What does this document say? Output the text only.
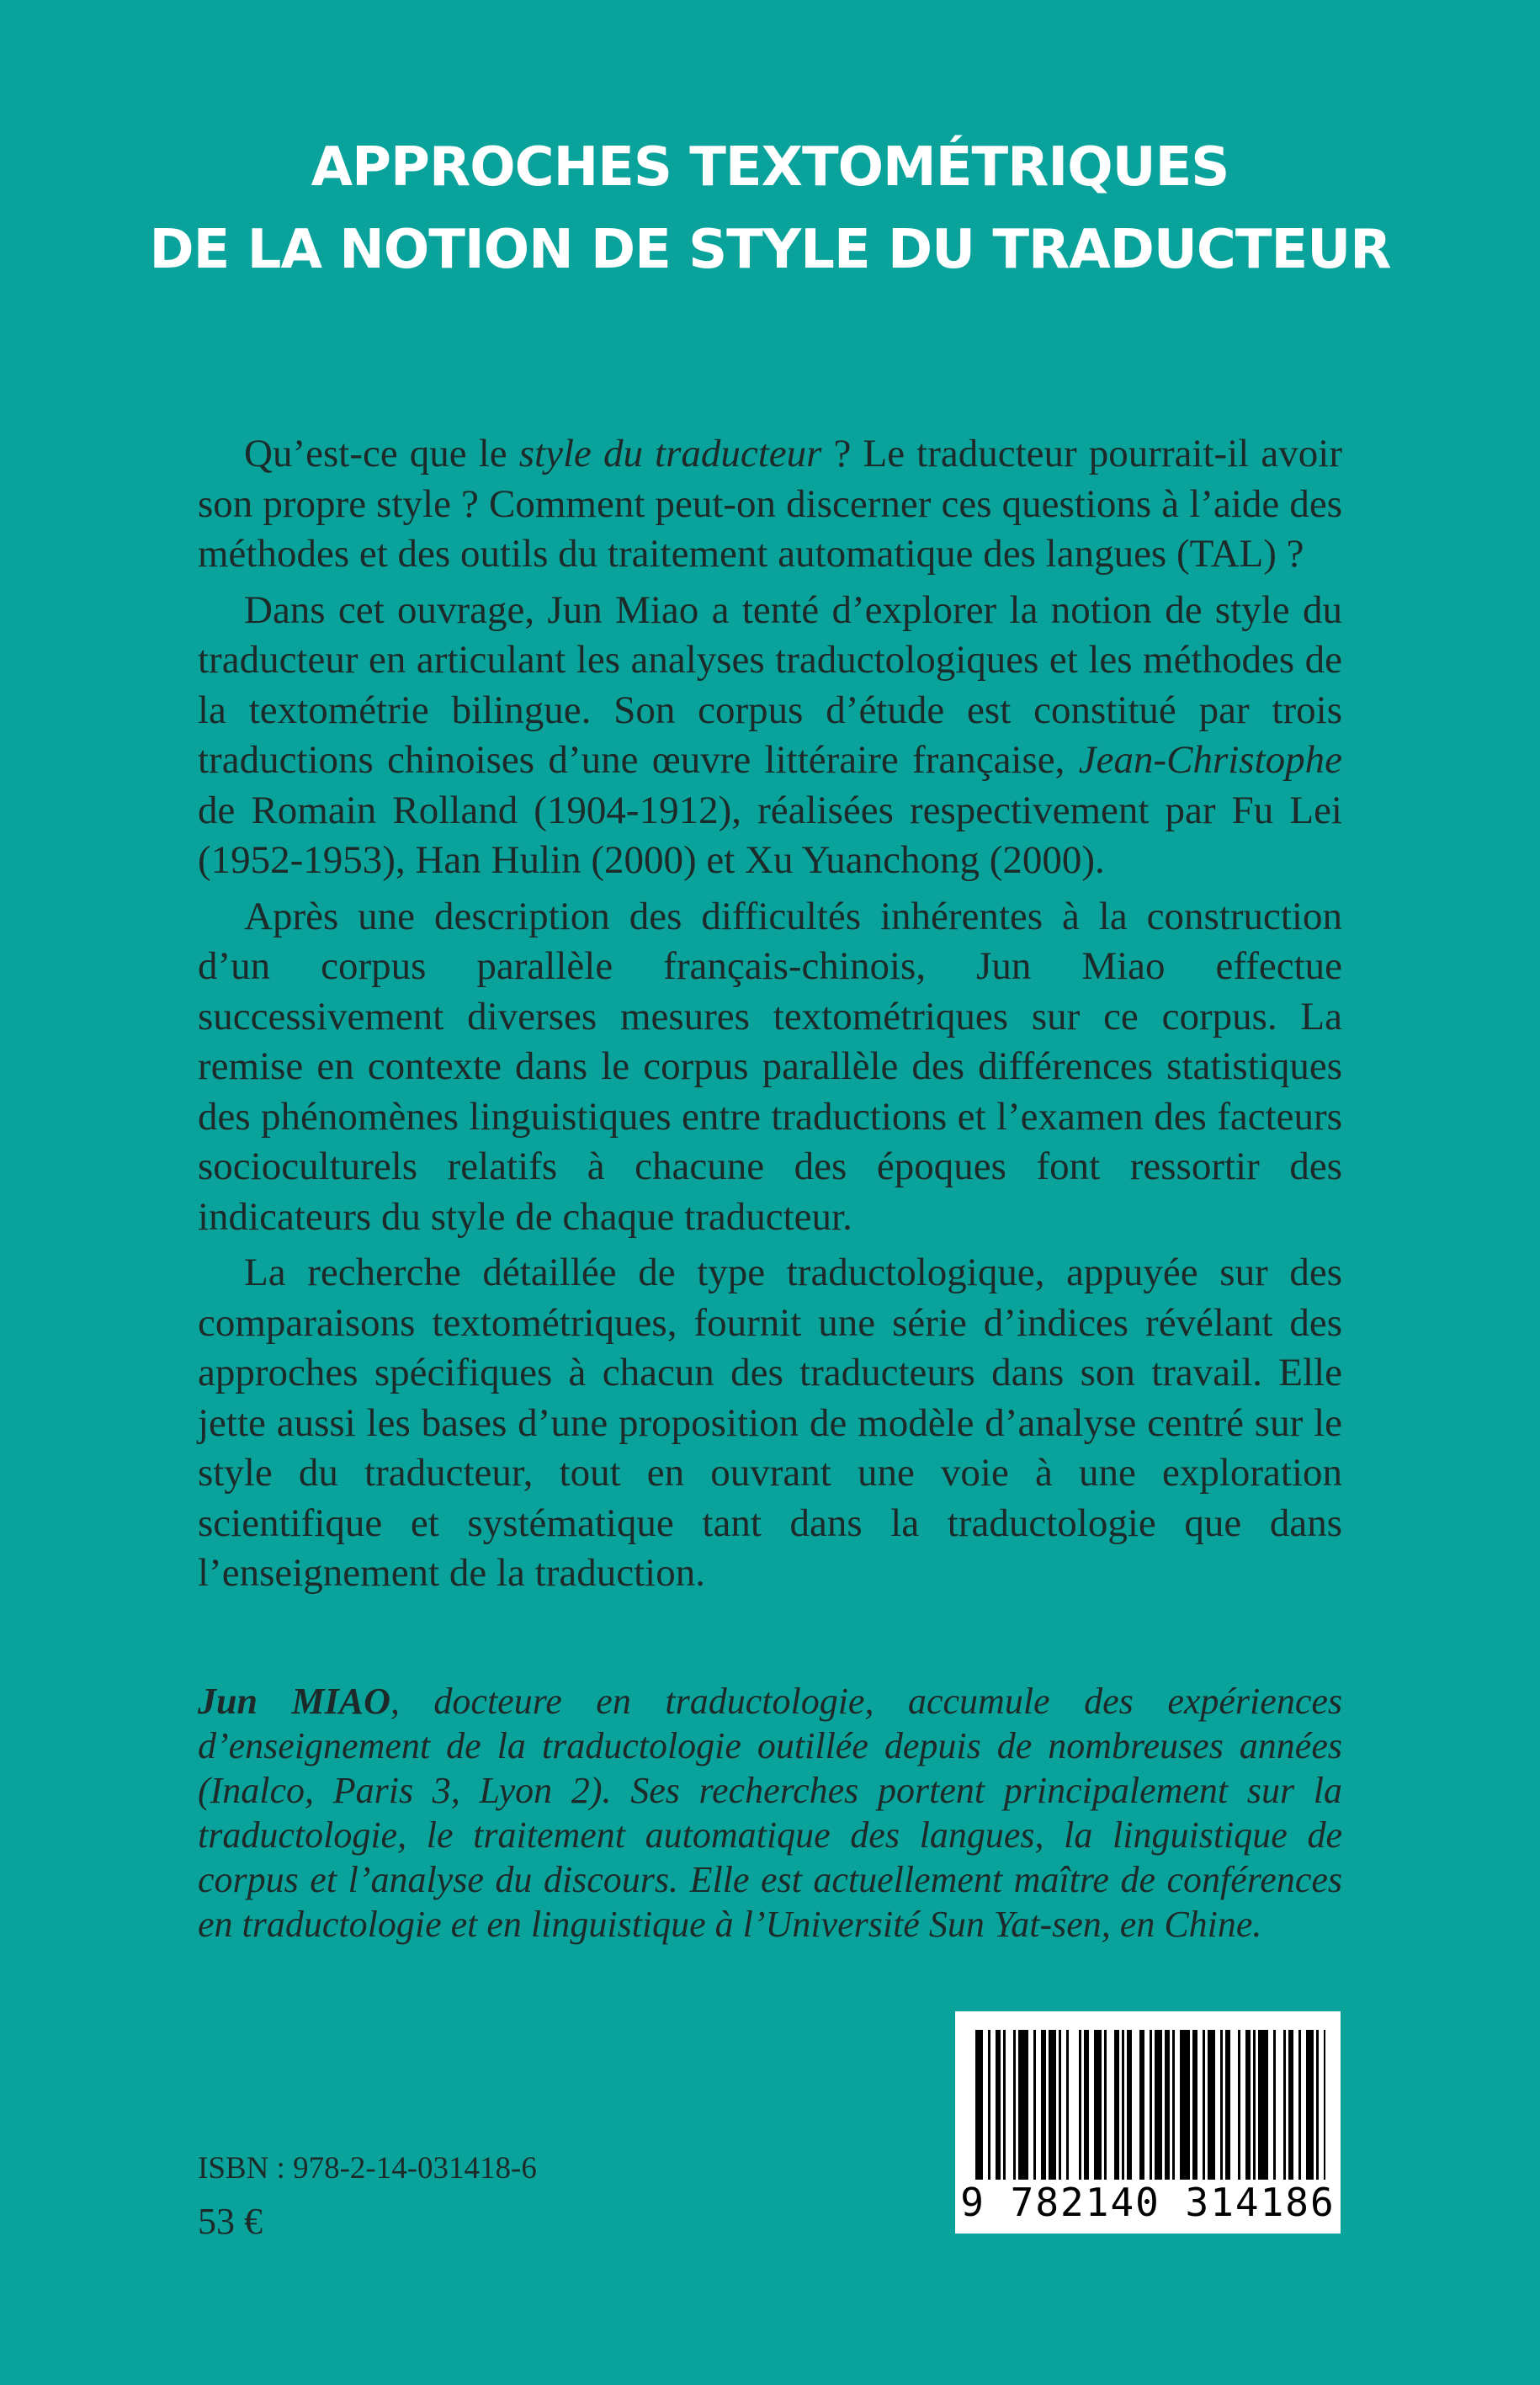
APPROCHES TEXTOMÉTRIQUES
DE LA NOTION DE STYLE DU TRADUCTEUR

Qu’est-ce que le style du traducteur ? Le traducteur pourrait-il avoir son propre style ? Comment peut-on discerner ces questions à l’aide des méthodes et des outils du traitement automatique des langues (TAL) ?

Dans cet ouvrage, Jun Miao a tenté d’explorer la notion de style du traducteur en articulant les analyses traductologiques et les méthodes de la textométrie bilingue. Son corpus d’étude est constitué par trois traductions chinoises d’une œuvre littéraire française, Jean-Christophe de Romain Rolland (1904-1912), réalisées respectivement par Fu Lei (1952-1953), Han Hulin (2000) et Xu Yuanchong (2000).

Après une description des difficultés inhérentes à la construction d’un corpus parallèle français-chinois, Jun Miao effectue successivement diverses mesures textométriques sur ce corpus. La remise en contexte dans le corpus parallèle des différences statistiques des phénomènes linguistiques entre traductions et l’examen des facteurs socioculturels relatifs à chacune des époques font ressortir des indicateurs du style de chaque traducteur.

La recherche détaillée de type traductologique, appuyée sur des comparaisons textométriques, fournit une série d’indices révélant des approches spécifiques à chacun des traducteurs dans son travail. Elle jette aussi les bases d’une proposition de modèle d’analyse centré sur le style du traducteur, tout en ouvrant une voie à une exploration scientifique et systématique tant dans la traductologie que dans l’enseignement de la traduction.

Jun MIAO, docteure en traductologie, accumule des expériences d’enseignement de la traductologie outillée depuis de nombreuses années (Inalco, Paris 3, Lyon 2). Ses recherches portent principalement sur la traductologie, le traitement automatique des langues, la linguistique de corpus et l’analyse du discours. Elle est actuellement maître de conférences en traductologie et en linguistique à l’Université Sun Yat-sen, en Chine.
ISBN : 978-2-14-031418-6
53 €	9 782140 314186
